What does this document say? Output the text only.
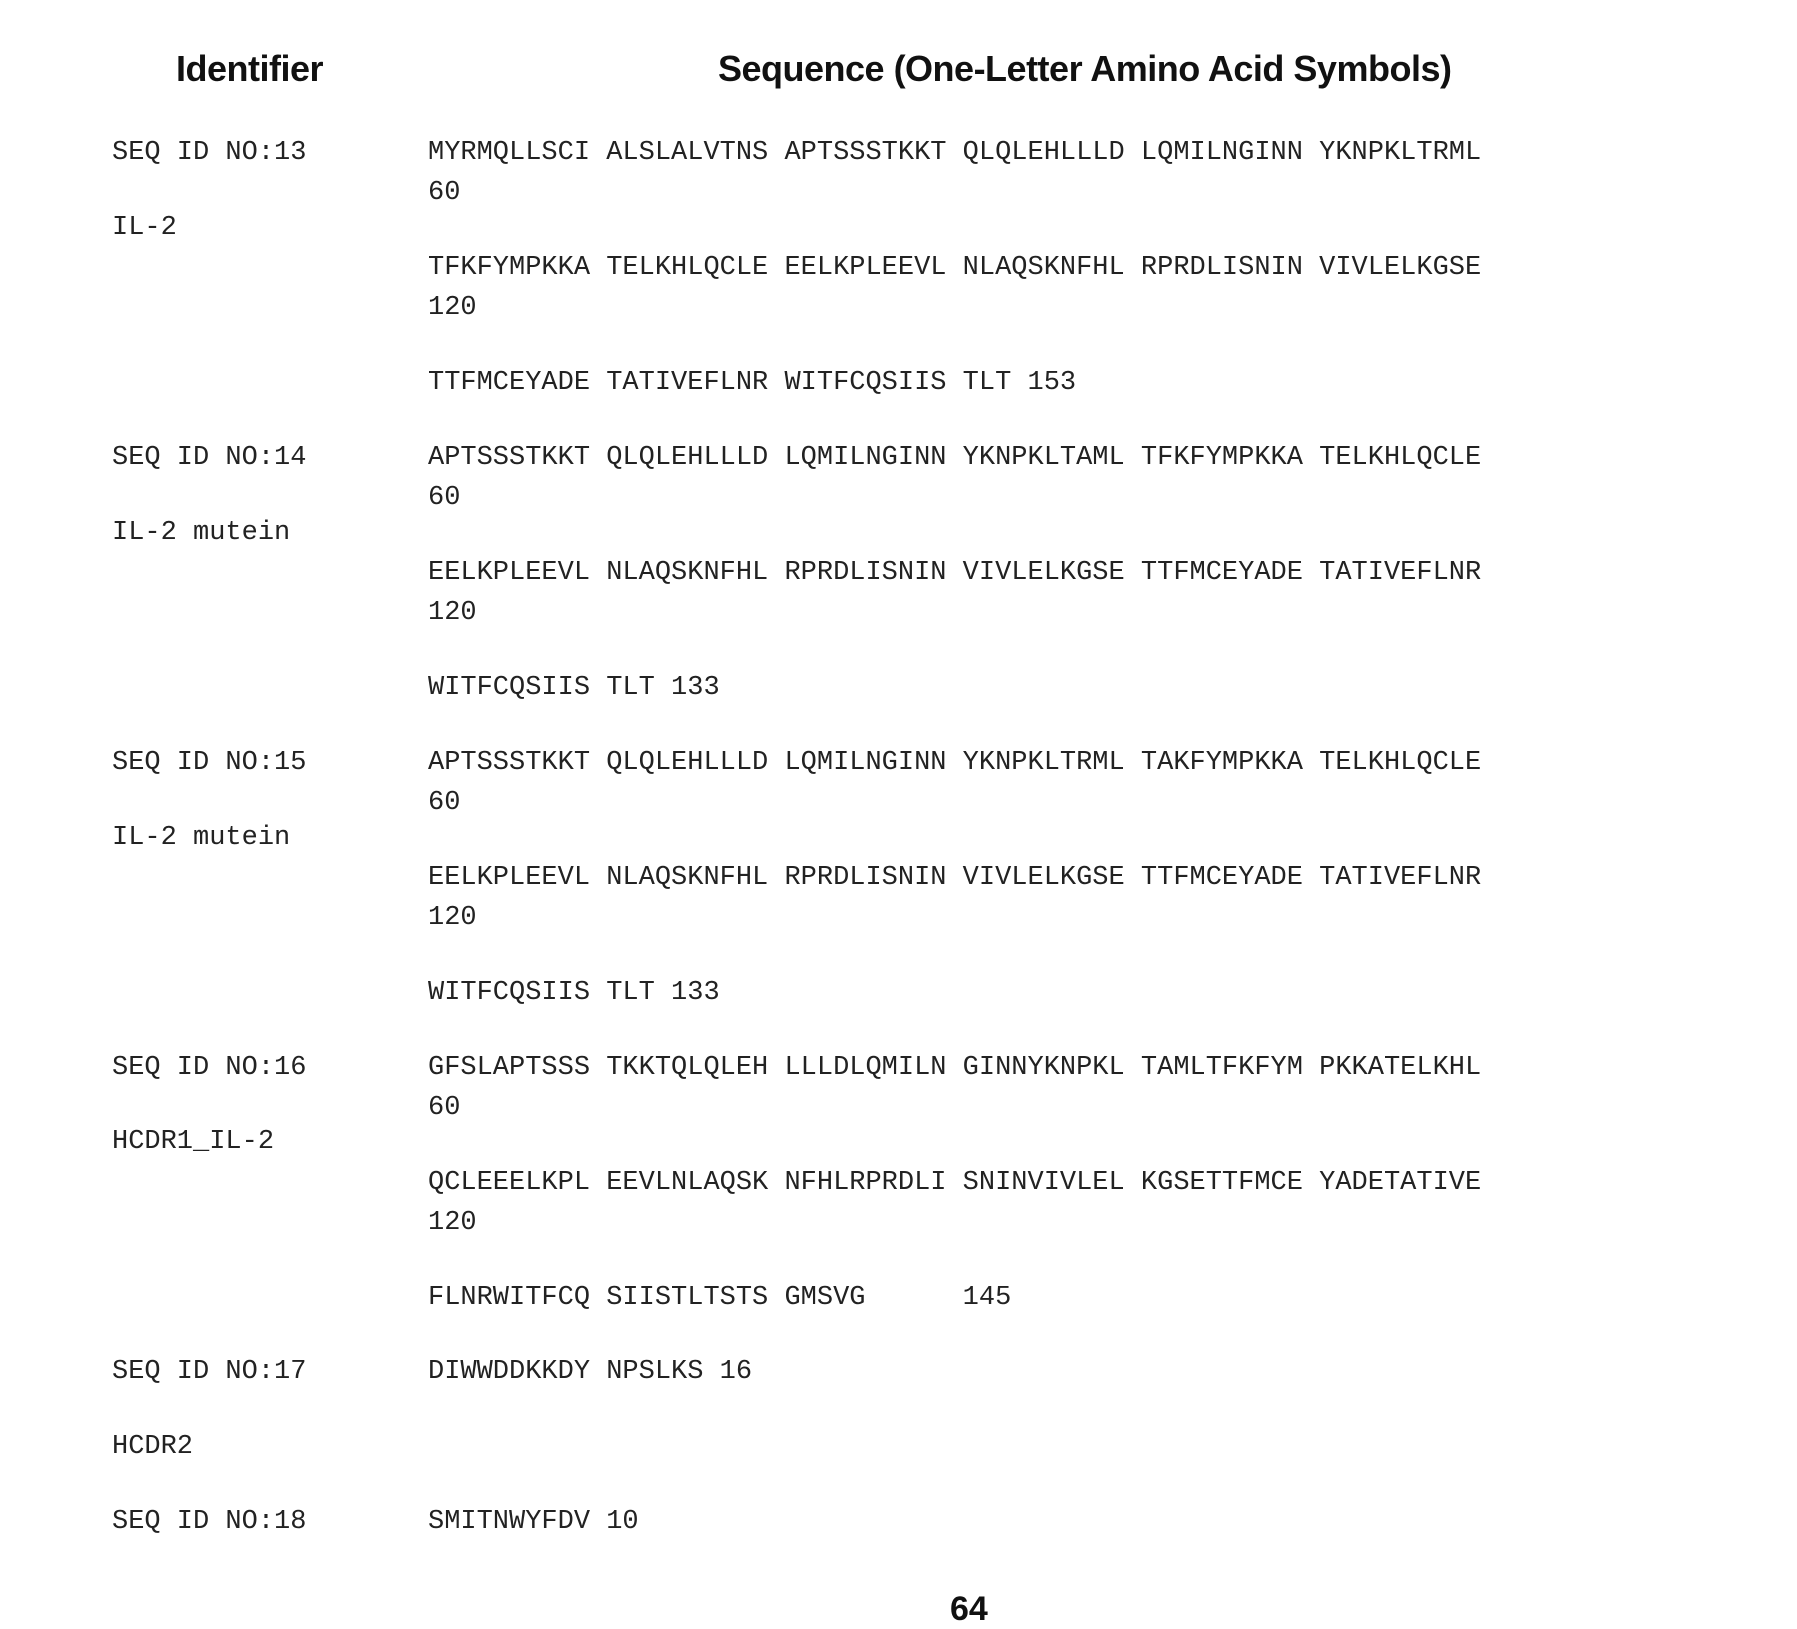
Identifier	Sequence (One-Letter Amino Acid Symbols)
SEQ ID NO:13
IL-2
MYRMQLLSCI ALSLALVTNS APTSSSTKKT QLQLEHLLLD LQMILNGINN YKNPKLTRML
60
TFKFYMPKKA TELKHLQCLE EELKPLEEVL NLAQSKNFHL RPRDLISNIN VIVLELKGSE
120
TTFMCEYADE TATIVEFLNR WITFCQSIIS TLT 153
SEQ ID NO:14
IL-2 mutein
APTSSSTKKT QLQLEHLLLD LQMILNGINN YKNPKLTAML TFKFYMPKKA TELKHLQCLE
60
EELKPLEEVL NLAQSKNFHL RPRDLISNIN VIVLELKGSE TTFMCEYADE TATIVEFLNR
120
WITFCQSIIS TLT 133
SEQ ID NO:15
IL-2 mutein
APTSSSTKKT QLQLEHLLLD LQMILNGINN YKNPKLTRML TAKFYMPKKA TELKHLQCLE
60
EELKPLEEVL NLAQSKNFHL RPRDLISNIN VIVLELKGSE TTFMCEYADE TATIVEFLNR
120
WITFCQSIIS TLT 133
SEQ ID NO:16
HCDR1_IL-2
GFSLAPTSSS TKKTQLQLEH LLLDLQMILN GINNYKNPKL TAMLTFKFYM PKKATELKHL
60
QCLEEELKPL EEVLNLAQSK NFHLRPRDLI SNINVIVLEL KGSETTFMCE YADETATIVE
120
FLNRWITFCQ SIISTLTSTS GMSVG      145
SEQ ID NO:17
HCDR2
DIWWDDKKDY NPSLKS 16
SEQ ID NO:18	SMITNWYFDV 10
64
